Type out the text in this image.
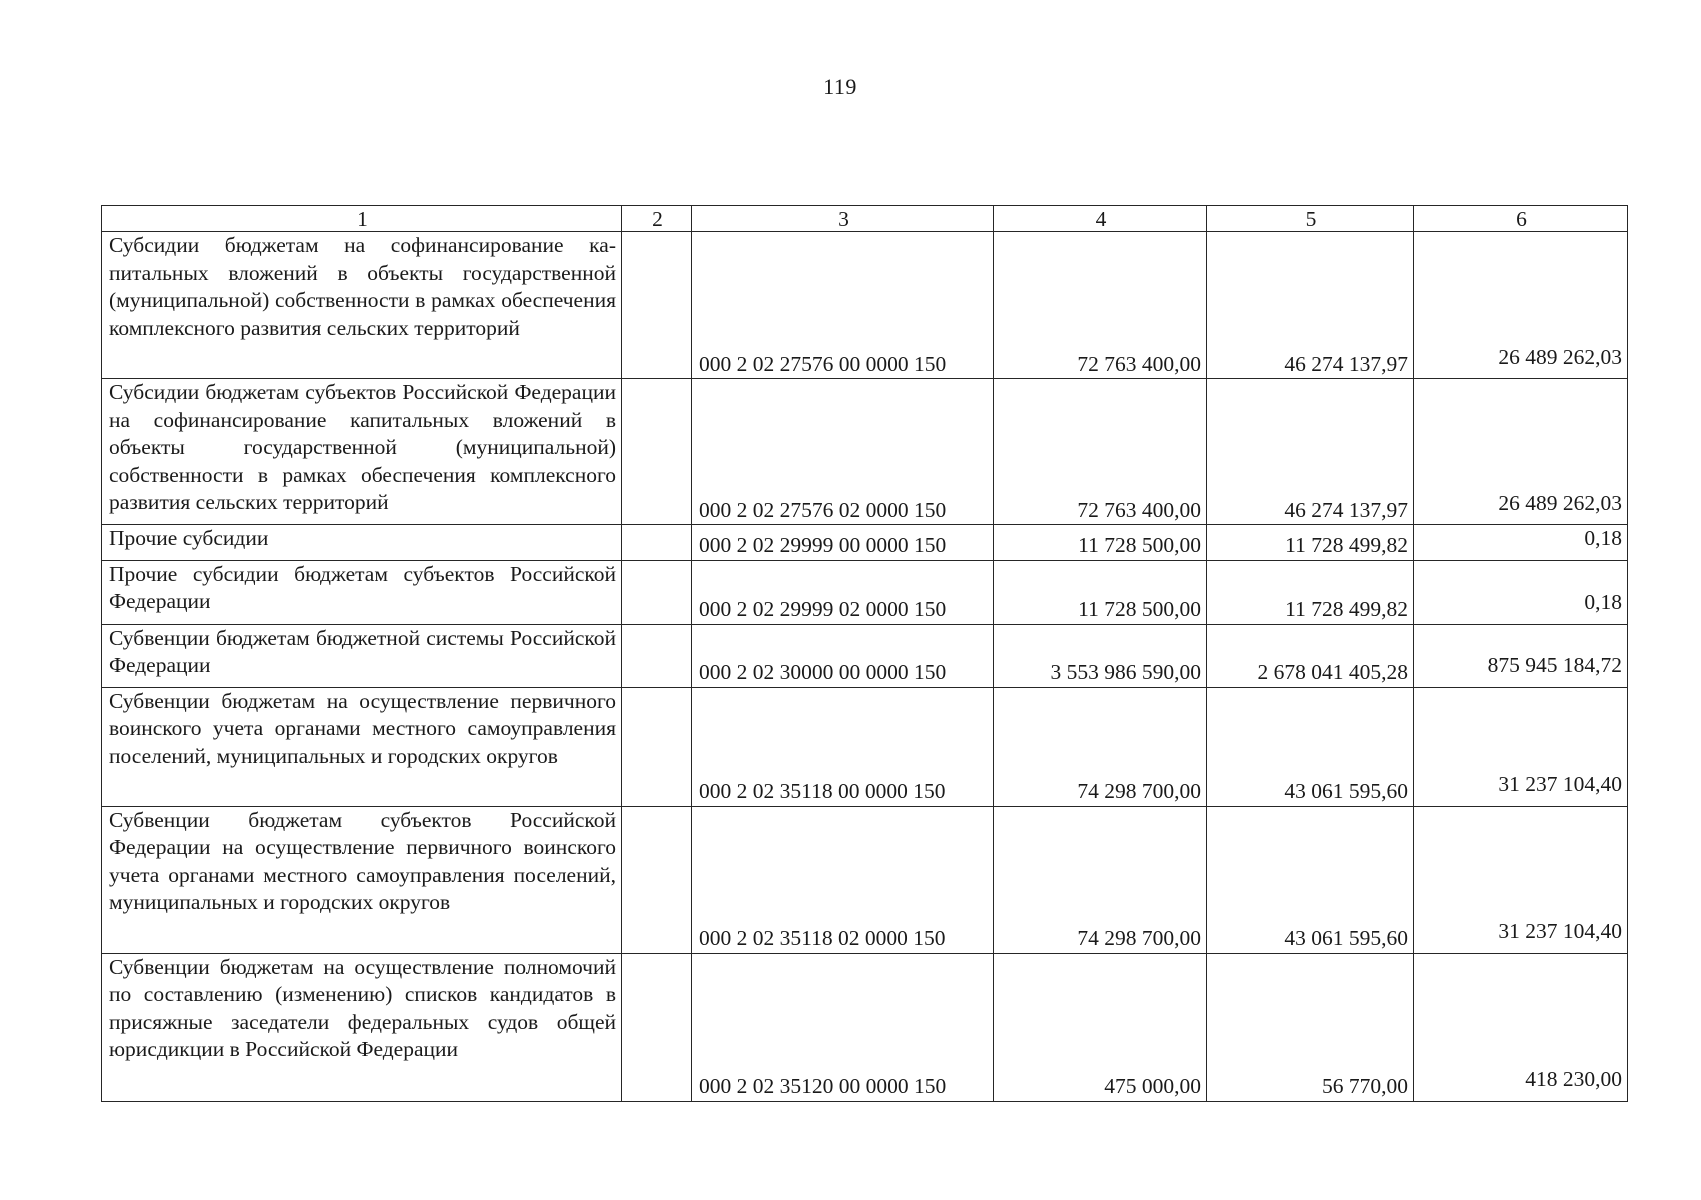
119
1	2	3	4	5	6
Субсидии бюджетам на софинансирование капитальных вложений в объекты государственной (муниципальной) собственности в рамках обеспечения комплексного развития сельских территорий		000 2 02 27576 00 0000 150	72 763 400,00	46 274 137,97	26 489 262,03
Субсидии бюджетам субъектов Российской Федерации на софинансирование капитальных вложений в объекты государственной (муниципальной) собственности в рамках обеспечения комплексного развития сельских территорий		000 2 02 27576 02 0000 150	72 763 400,00	46 274 137,97	26 489 262,03
Прочие субсидии		000 2 02 29999 00 0000 150	11 728 500,00	11 728 499,82	0,18
Прочие субсидии бюджетам субъектов Российской Федерации		000 2 02 29999 02 0000 150	11 728 500,00	11 728 499,82	0,18
Субвенции бюджетам бюджетной системы Российской Федерации		000 2 02 30000 00 0000 150	3 553 986 590,00	2 678 041 405,28	875 945 184,72
Субвенции бюджетам на осуществление первичного воинского учета органами местного самоуправления поселений, муниципальных и городских округов		000 2 02 35118 00 0000 150	74 298 700,00	43 061 595,60	31 237 104,40
Субвенции бюджетам субъектов Российской Федерации на осуществление первичного воинского учета органами местного самоуправления поселений, муниципальных и городских округов		000 2 02 35118 02 0000 150	74 298 700,00	43 061 595,60	31 237 104,40
Субвенции бюджетам на осуществление полномочий по составлению (изменению) списков кандидатов в присяжные заседатели федеральных судов общей юрисдикции в Российской Федерации		000 2 02 35120 00 0000 150	475 000,00	56 770,00	418 230,00
